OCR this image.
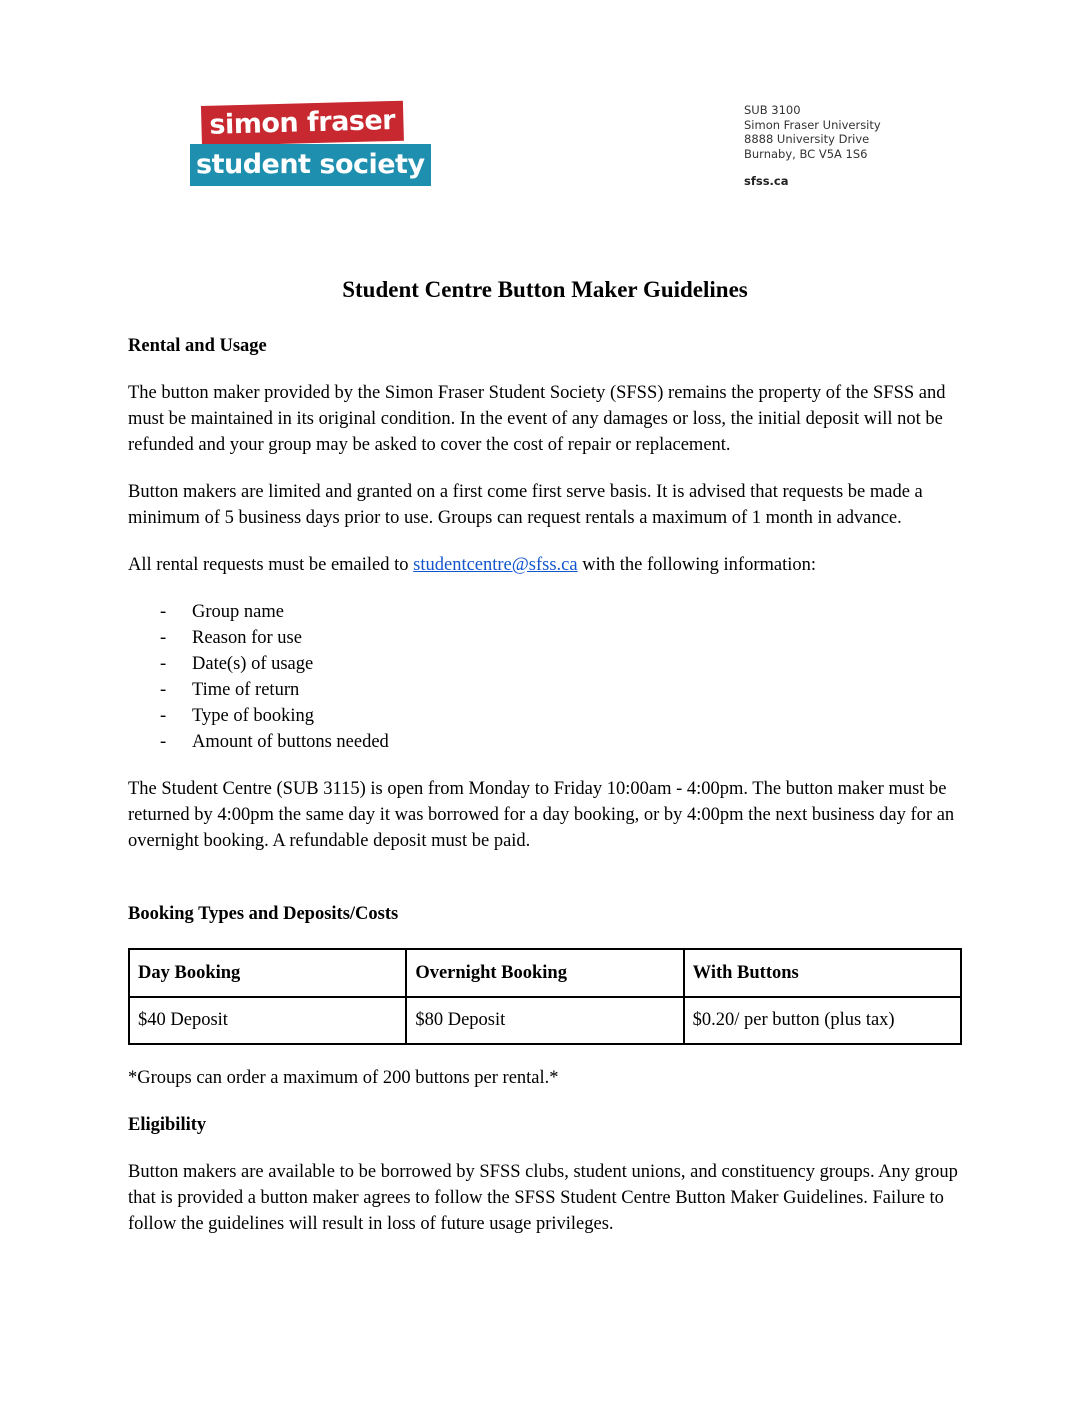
simon fraser
student society
SUB 3100
Simon Fraser University
8888 University Drive
Burnaby, BC V5A 1S6
sfss.ca
Student Centre Button Maker Guidelines
Rental and Usage

The button maker provided by the Simon Fraser Student Society (SFSS) remains the property of the SFSS and must be maintained in its original condition. In the event of any damages or loss, the initial deposit will not be refunded and your group may be asked to cover the cost of repair or replacement.

Button makers are limited and granted on a first come first serve basis. It is advised that requests be made a minimum of 5 business days prior to use. Groups can request rentals a maximum of 1 month in advance.

All rental requests must be emailed to studentcentre@sfss.ca with the following information:

- Group name
- Reason for use
- Date(s) of usage
- Time of return
- Type of booking
- Amount of buttons needed

The Student Centre (SUB 3115) is open from Monday to Friday 10:00am - 4:00pm. The button maker must be returned by 4:00pm the same day it was borrowed for a day booking, or by 4:00pm the next business day for an overnight booking. A refundable deposit must be paid.

Booking Types and Deposits/Costs
Day Booking	Overnight Booking	With Buttons
$40 Deposit	$80 Deposit	$0.20/ per button (plus tax)

*Groups can order a maximum of 200 buttons per rental.*

Eligibility

Button makers are available to be borrowed by SFSS clubs, student unions, and constituency groups. Any group that is provided a button maker agrees to follow the SFSS Student Centre Button Maker Guidelines. Failure to follow the guidelines will result in loss of future usage privileges.
